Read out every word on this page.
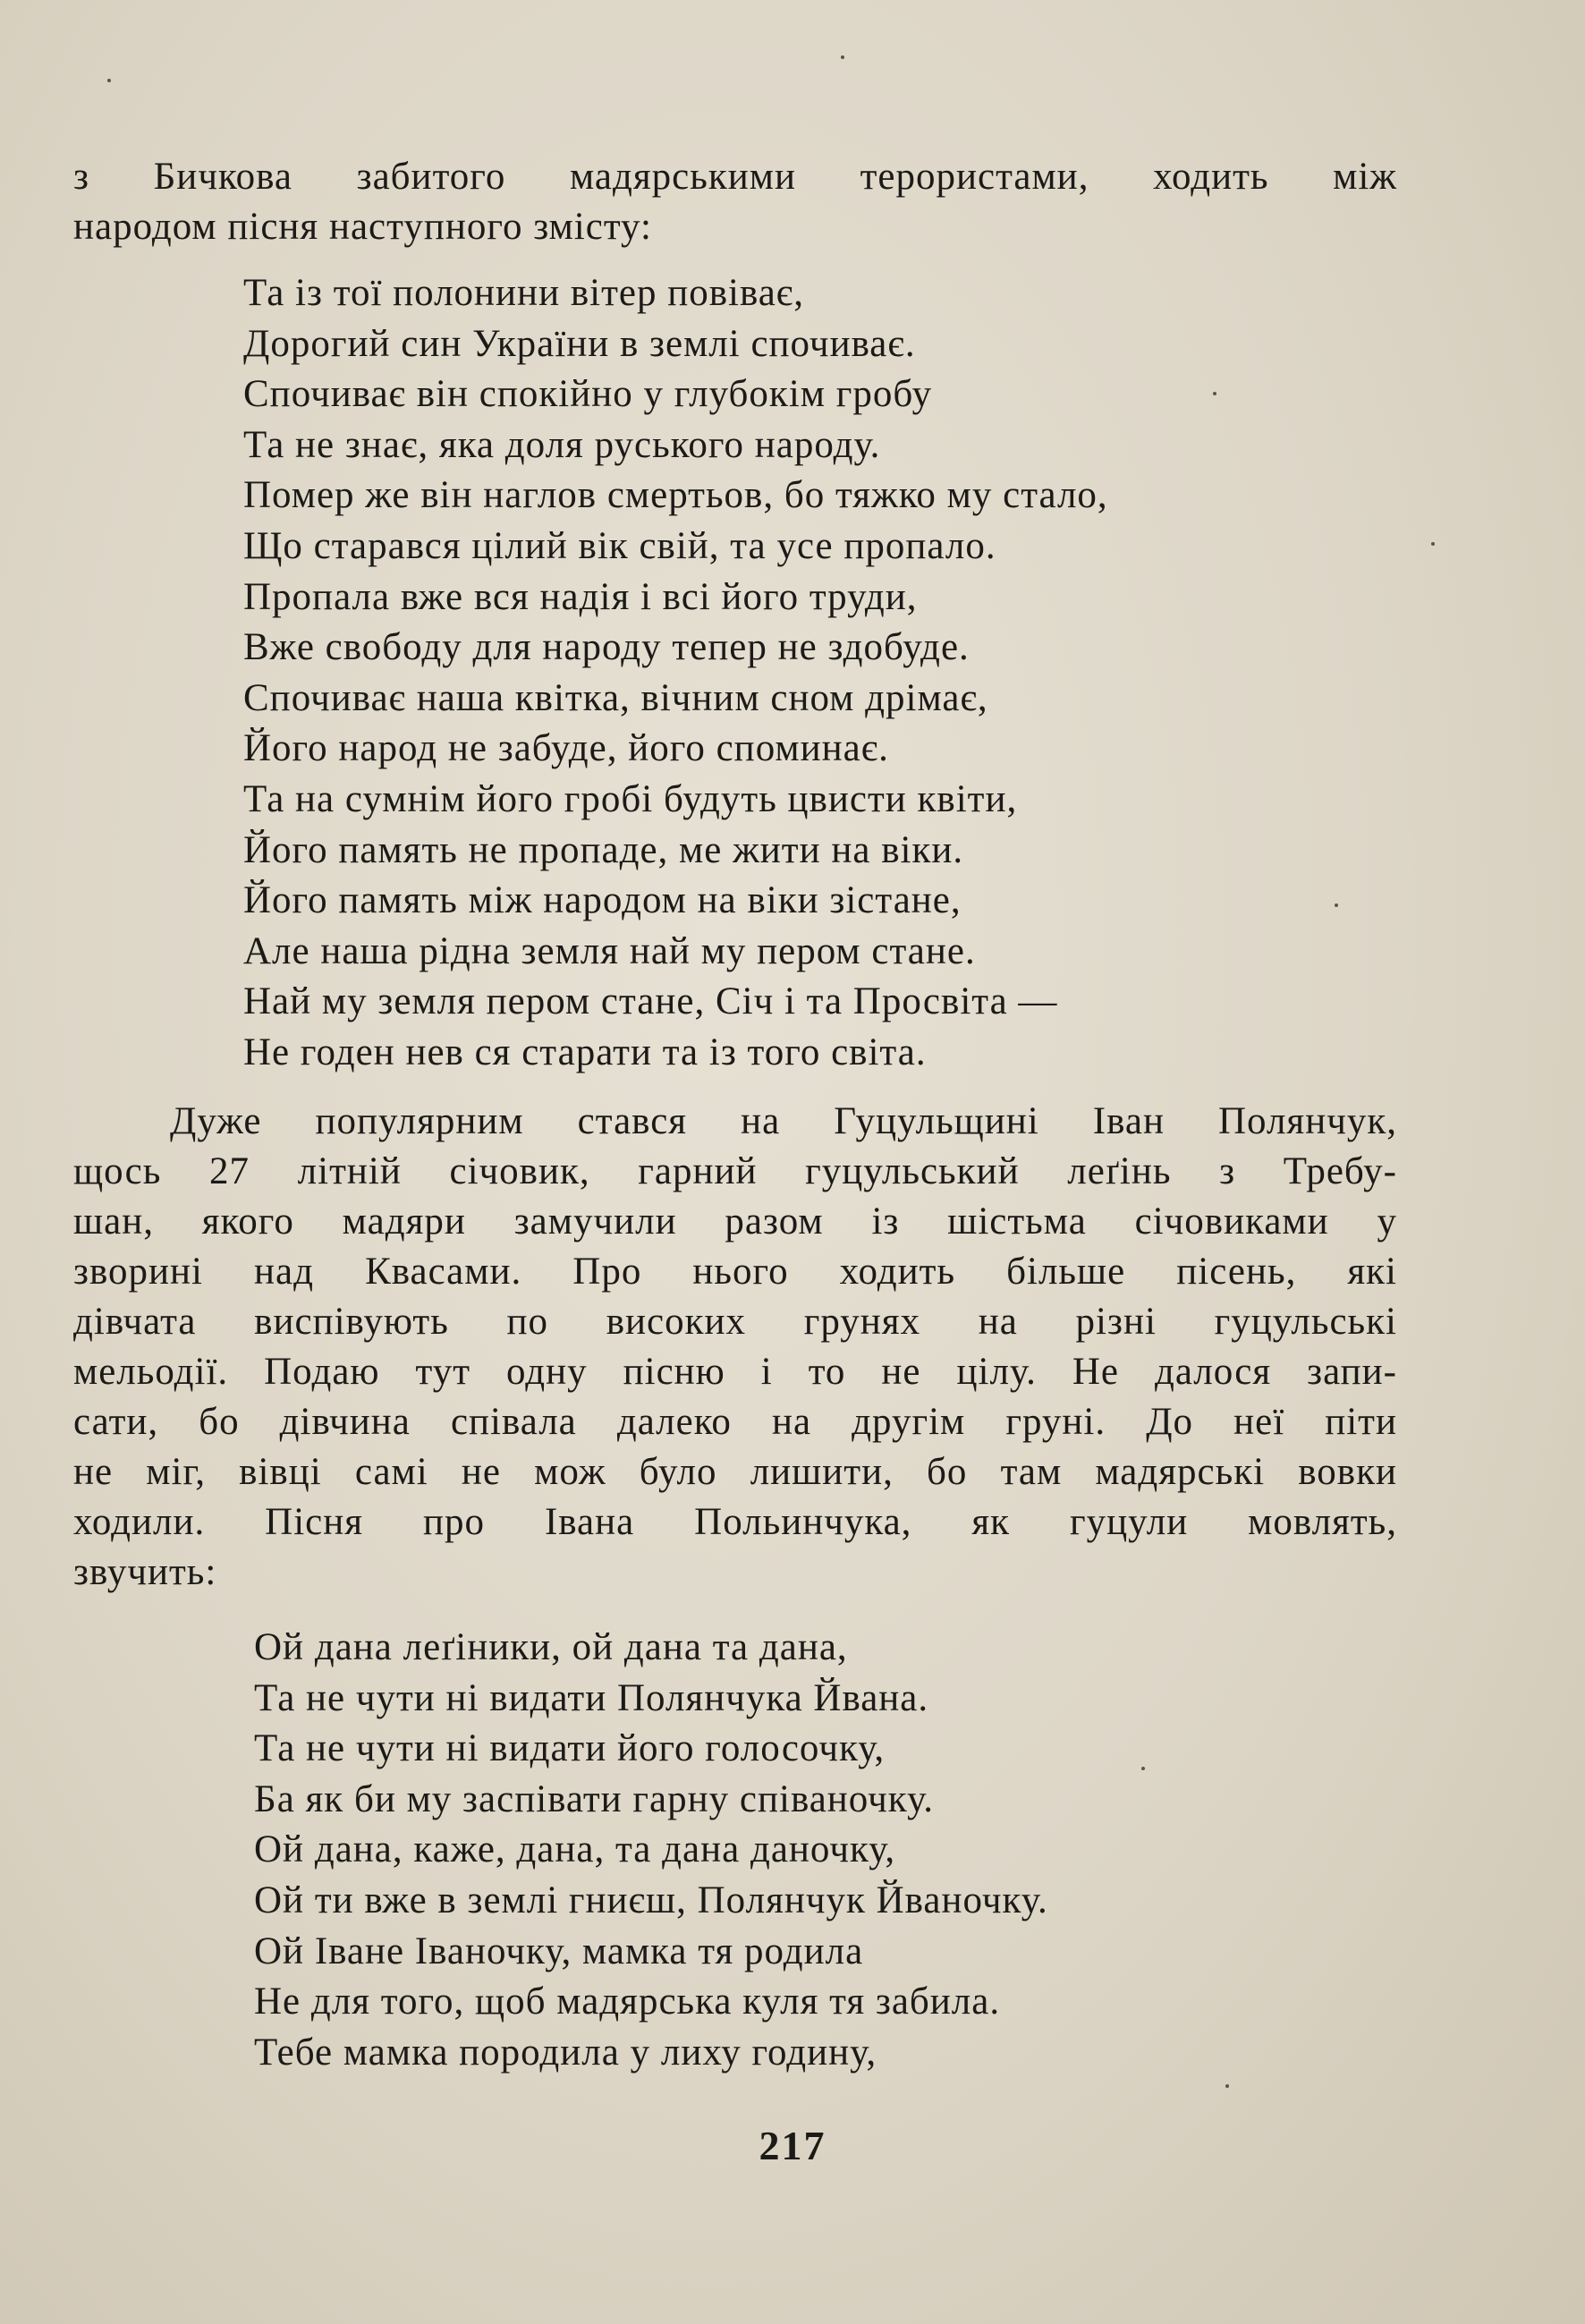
з Бичкова забитого мадярськими терористами, ходить між
народом пісня наступного змісту:
Та із тої полонини вітер повіває,
Дорогий син України в землі спочиває.
Спочиває він спокійно у глубокім гробу
Та не знає, яка доля руського народу.
Помер же він наглов смертьов, бо тяжко му стало,
Що старався цілий вік свій, та усе пропало.
Пропала вже вся надія і всі його труди,
Вже свободу для народу тепер не здобуде.
Спочиває наша квітка, вічним сном дрімає,
Його народ не забуде, його споминає.
Та на сумнім його гробі будуть цвисти квіти,
Його память не пропаде, ме жити на віки.
Його память між народом на віки зістане,
Але наша рідна земля най му пером стане.
Най му земля пером стане, Січ і та Просвіта —
Не годен нев ся старати та із того світа.
Дуже популярним стався на Гуцульщині Іван Полянчук,
щось 27 літній січовик, гарний гуцульський леґінь з Требу-
шан, якого мадяри замучили разом із шістьма січовиками у
зворині над Квасами. Про нього ходить більше пісень, які
дівчата виспівують по високих грунях на різні гуцульські
мельодії. Подаю тут одну пісню і то не цілу. Не далося запи-
сати, бо дівчина співала далеко на другім груні. До неї піти
не міг, вівці самі не мож було лишити, бо там мадярські вовки
ходили. Пісня про Івана Польинчука, як гуцули мовлять,
звучить:
Ой дана леґіники, ой дана та дана,
Та не чути ні видати Полянчука Йвана.
Та не чути ні видати його голосочку,
Ба як би му заспівати гарну співаночку.
Ой дана, каже, дана, та дана даночку,
Ой ти вже в землі гниєш, Полянчук Йваночку.
Ой Іване Іваночку, мамка тя родила
Не для того, щоб мадярська куля тя забила.
Тебе мамка породила у лиху годину,
217
